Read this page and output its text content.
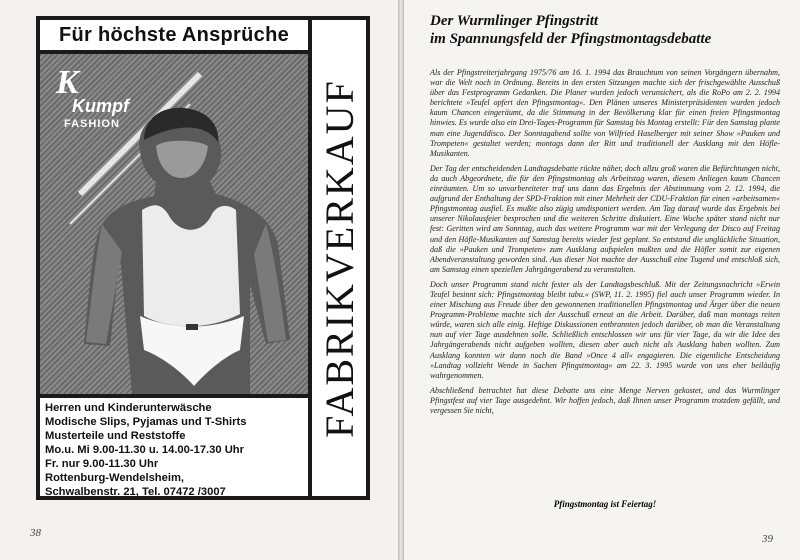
Für höchste Ansprüche
K
Kumpf
FASHION
Herren und Kinderunterwäsche
Modische Slips, Pyjamas und T-Shirts
Musterteile und Reststoffe
Mo.u. Mi 9.00-11.30 u. 14.00-17.30 Uhr
Fr. nur 9.00-11.30 Uhr
Rottenburg-Wendelsheim,
Schwalbenstr. 21, Tel. 07472 /3007
FABRIKVERKAUF
38
Der Wurmlinger Pfingstritt
im Spannungsfeld der Pfingstmontagsdebatte

Als der Pfingstreiterjahrgang 1975/76 am 16. 1. 1994 das Brauchtum von seinen Vorgängern übernahm, war die Welt noch in Ordnung. Bereits in den ersten Sitzungen machte sich der frischgewählte Ausschuß über das Festprogramm Gedanken. Die Planer wurden jedoch verunsichert, als die RoPo am 2. 2. 1994 berichtete »Teufel opfert den Pfingstmontag«. Den Plänen unseres Ministerpräsidenten wurden jedoch kaum Chancen eingeräumt, da die Stimmung in der Bevölkerung klar für einen freien Pfingstmontag hinwies. Es wurde also ein Drei-Tages-Programm für Samstag bis Montag erstellt: Für den Samstag plante man eine Jugenddisco. Der Sonntagabend sollte von Wilfried Haselberger mit seiner Show »Pauken und Trompeten« gestaltet werden; montags dann der Ritt und traditionell der Ausklang mit den Höfle-Musikanten.

Der Tag der entscheidenden Landtagsdebatte rückte näher, doch allzu groß waren die Befürchtungen nicht, da auch Abgeordnete, die für den Pfingstmontag als Arbeitstag waren, diesem Anliegen kaum Chancen einräumten. Um so unvorbereiteter traf uns dann das Ergebnis der Abstimmung vom 2. 12. 1994, die aufgrund der Enthaltung der SPD-Fraktion mit einer Mehrheit der CDU-Fraktion für einen »arbeitsamen« Pfingstmontag ausfiel. Es mußte also zügig umdisponiert werden. Am Tag darauf wurde das Ergebnis bei unserer Nikolausfeier besprochen und die weiteren Schritte diskutiert. Eine Woche später stand nicht nur fest: Geritten wird am Sonntag, auch das weitere Programm war mit der Verlegung der Disco auf Freitag und den Höfle-Musikanten auf Samstag bereits wieder fest geplant. So entstand die unglückliche Situation, daß die »Pauken und Trompeten« zum Ausklang aufspielen mußten und die Höfler somit zur eigenen Abendveranstaltung geworden sind. Aus dieser Not machte der Ausschuß eine Tugend und entschloß sich, am Samstag einen speziellen Jahrgängerabend zu veranstalten.

Doch unser Programm stand nicht fester als der Landtagsbeschluß. Mit der Zeitungsnachricht »Erwin Teufel besinnt sich: Pfingstmontag bleibt tabu.« (SWP, 11. 2. 1995) fiel auch unser Programm wieder. In einer Mischung aus Freude über den gewonnenen traditionellen Pfingstmontag und Ärger über die neuen Programm-Probleme machte sich der Ausschuß erneut an die Arbeit. Darüber, daß man montags reiten würde, waren sich alle einig. Heftige Diskussionen entbrannten jedoch darüber, ob man die Veranstaltung nun auf vier Tage ausdehnen solle. Schließlich entschlossen wir uns für vier Tage, da wir die Idee des Jahrgängerabends nicht aufgeben wollten, diesen aber auch nicht als Ausklang haben wollten. Zum Ausklang konnten wir dann noch die Band »Once 4 all« engagieren. Die eigentliche Entscheidung »Landtag vollzieht Wende in Sachen Pfingstmontag« am 22. 3. 1995 wurde von uns eher beiläufig wahrgenommen.

Abschließend betrachtet hat diese Debatte uns eine Menge Nerven gekostet, und das Wurmlinger Pfingstfest auf vier Tage ausgedehnt. Wir hoffen jedoch, daß Ihnen unser Programm trotzdem gefällt, und vergessen Sie nicht,

Pfingstmontag ist Feiertag!
39
